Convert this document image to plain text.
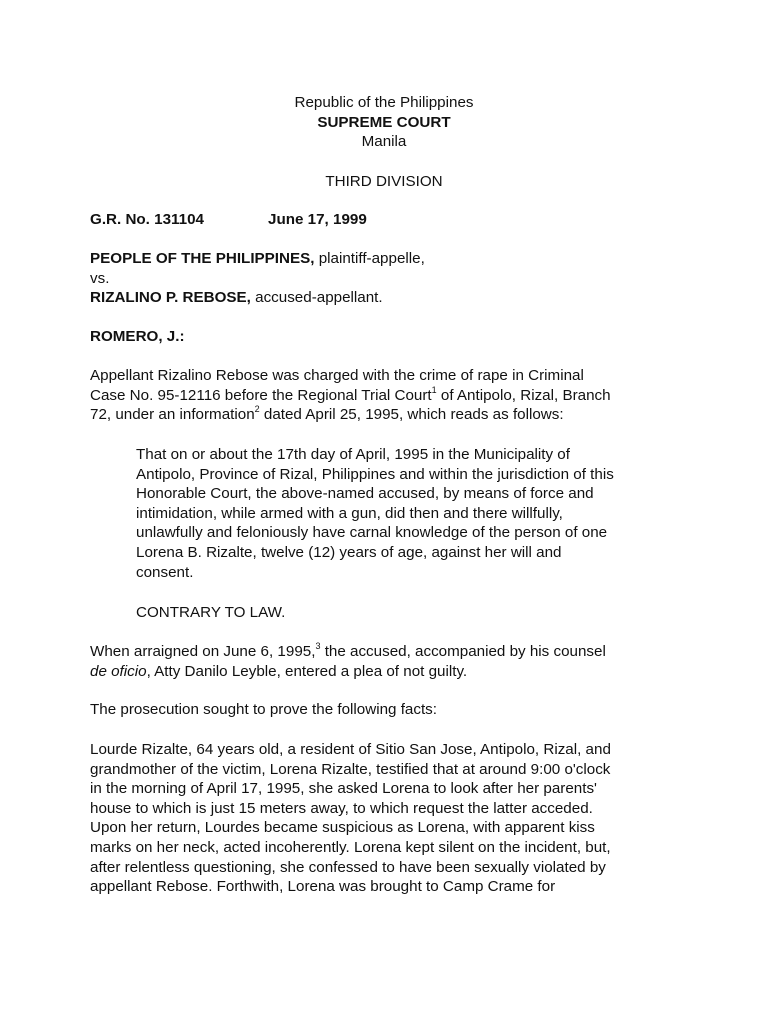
Republic of the Philippines
SUPREME COURT
Manila
THIRD DIVISION
G.R. No. 131104	June 17, 1999
PEOPLE OF THE PHILIPPINES, plaintiff-appelle,
vs.
RIZALINO P. REBOSE, accused-appellant.
ROMERO, J.:
Appellant Rizalino Rebose was charged with the crime of rape in Criminal
Case No. 95-12116 before the Regional Trial Court$^1$ of Antipolo, Rizal, Branch
72, under an information$^2$ dated April 25, 1995, which reads as follows:
That on or about the 17th day of April, 1995 in the Municipality of
Antipolo, Province of Rizal, Philippines and within the jurisdiction of this
Honorable Court, the above-named accused, by means of force and
intimidation, while armed with a gun, did then and there willfully,
unlawfully and feloniously have carnal knowledge of the person of one
Lorena B. Rizalte, twelve (12) years of age, against her will and
consent.
CONTRARY TO LAW.
When arraigned on June 6, 1995,$^3$ the accused, accompanied by his counsel
de oficio, Atty Danilo Leyble, entered a plea of not guilty.
The prosecution sought to prove the following facts:
Lourde Rizalte, 64 years old, a resident of Sitio San Jose, Antipolo, Rizal, and
grandmother of the victim, Lorena Rizalte, testified that at around 9:00 o'clock
in the morning of April 17, 1995, she asked Lorena to look after her parents'
house to which is just 15 meters away, to which request the latter acceded.
Upon her return, Lourdes became suspicious as Lorena, with apparent kiss
marks on her neck, acted incoherently. Lorena kept silent on the incident, but,
after relentless questioning, she confessed to have been sexually violated by
appellant Rebose. Forthwith, Lorena was brought to Camp Crame for
